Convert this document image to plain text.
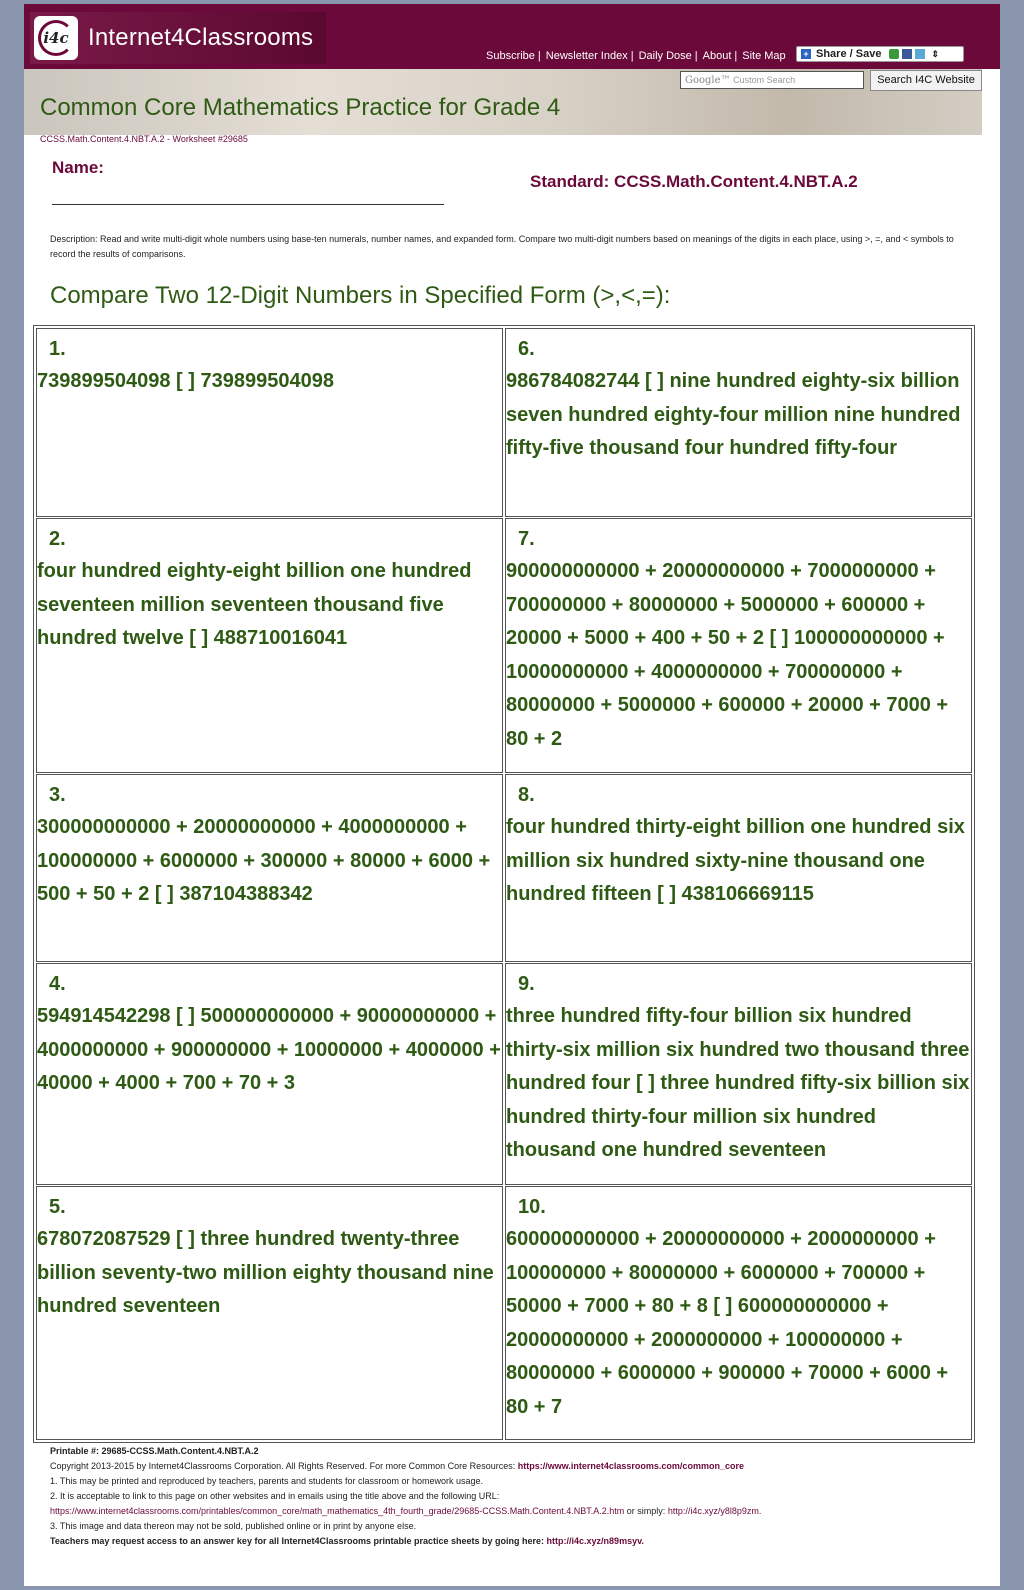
i4c Internet4Classrooms
Subscribe | Newsletter Index | Daily Dose | About | Site Map + Share / Save	⇕
Google™ Custom Search	Search I4C Website
Common Core Mathematics Practice for Grade 4
CCSS.Math.Content.4.NBT.A.2 - Worksheet #29685
Name:
Standard: CCSS.Math.Content.4.NBT.A.2
Description: Read and write multi-digit whole numbers using base-ten numerals, number names, and expanded form. Compare two multi-digit numbers based on meanings of the digits in each place, using >, =, and < symbols to record the results of comparisons.
Compare Two 12-Digit Numbers in Specified Form (>,<,=):
1.
739899504098 [ ] 739899504098
2.
four hundred eighty-eight billion one hundred seventeen million seventeen thousand five hundred twelve [ ] 488710016041
3.
300000000000 + 20000000000 + 4000000000 + 100000000 + 6000000 + 300000 + 80000 + 6000 + 500 + 50 + 2 [ ] 387104388342
4.
594914542298 [ ] 500000000000 + 90000000000 + 4000000000 + 900000000 + 10000000 + 4000000 + 40000 + 4000 + 700 + 70 + 3
5.
678072087529 [ ] three hundred twenty-three billion seventy-two million eighty thousand nine hundred seventeen
6.
986784082744 [ ] nine hundred eighty-six billion seven hundred eighty-four million nine hundred fifty-five thousand four hundred fifty-four
7.
900000000000 + 20000000000 + 7000000000 + 700000000 + 80000000 + 5000000 + 600000 + 20000 + 5000 + 400 + 50 + 2 [ ] 100000000000 + 10000000000 + 4000000000 + 700000000 + 80000000 + 5000000 + 600000 + 20000 + 7000 + 80 + 2
8.
four hundred thirty-eight billion one hundred six million six hundred sixty-nine thousand one hundred fifteen [ ] 438106669115
9.
three hundred fifty-four billion six hundred thirty-six million six hundred two thousand three hundred four [ ] three hundred fifty-six billion six hundred thirty-four million six hundred thousand one hundred seventeen
10.
600000000000 + 20000000000 + 2000000000 + 100000000 + 80000000 + 6000000 + 700000 + 50000 + 7000 + 80 + 8 [ ] 600000000000 + 20000000000 + 2000000000 + 100000000 + 80000000 + 6000000 + 900000 + 70000 + 6000 + 80 + 7
Printable #: 29685-CCSS.Math.Content.4.NBT.A.2
Copyright 2013-2015 by Internet4Classrooms Corporation. All Rights Reserved. For more Common Core Resources: https://www.internet4classrooms.com/common_core
1. This may be printed and reproduced by teachers, parents and students for classroom or homework usage.
2. It is acceptable to link to this page on other websites and in emails using the title above and the following URL:
https://www.internet4classrooms.com/printables/common_core/math_mathematics_4th_fourth_grade/29685-CCSS.Math.Content.4.NBT.A.2.htm or simply: http://i4c.xyz/y8l8p9zm.
3. This image and data thereon may not be sold, published online or in print by anyone else.
Teachers may request access to an answer key for all Internet4Classrooms printable practice sheets by going here: http://i4c.xyz/n89msyv.
